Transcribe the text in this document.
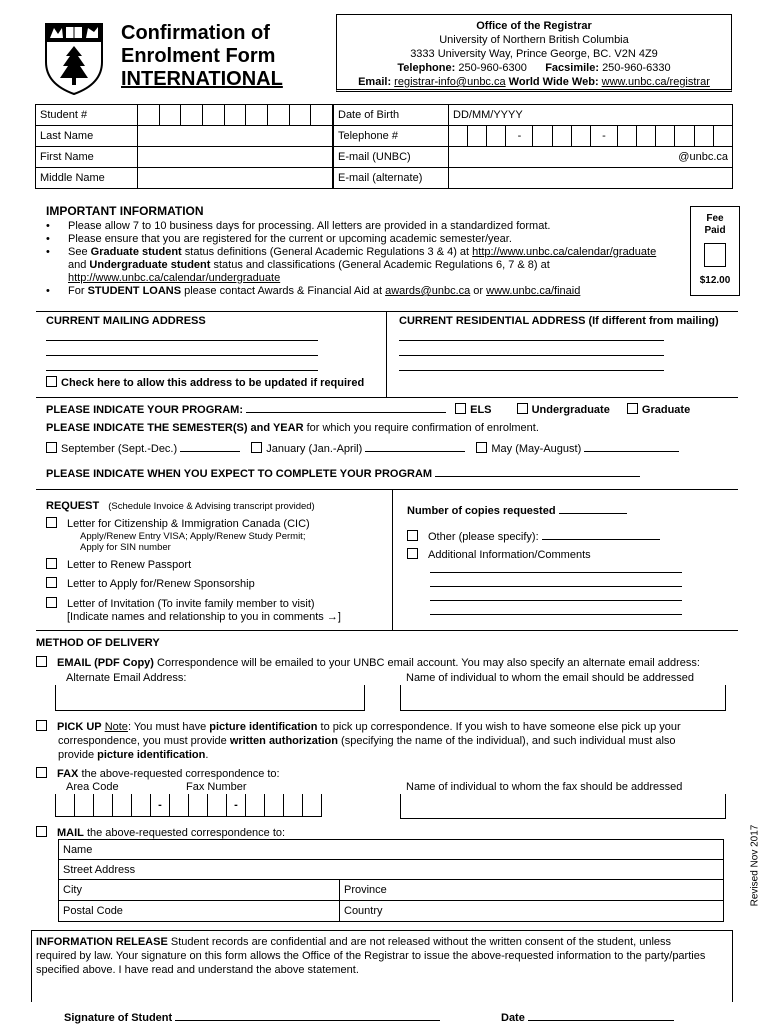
Confirmation of
Enrolment Form
INTERNATIONAL
Office of the Registrar
University of Northern British Columbia
3333 University Way, Prince George, BC. V2N 4Z9
Telephone: 250-960-6300 Facsimile: 250-960-6330
Email: registrar-info@unbc.ca World Wide Web: www.unbc.ca/registrar
Student #									
Last Name									
First Name									
Middle Name									
Date of Birth	DD/MM/YYYY													
Telephone #				-				-						
E-mail (UNBC)	@unbc.ca													
E-mail (alternate)														
IMPORTANT INFORMATION
• Please allow 7 to 10 business days for processing. All letters are provided in a standardized format.
• Please ensure that you are registered for the current or upcoming academic semester/year.
• See Graduate student status definitions (General Academic Regulations 3 & 4) at http://www.unbc.ca/calendar/graduate
and Undergraduate student status and classifications (General Academic Regulations 6, 7 & 8) at
http://www.unbc.ca/calendar/undergraduate
• For STUDENT LOANS please contact Awards & Financial Aid at awards@unbc.ca or www.unbc.ca/finaid
Fee
Paid
$12.00
CURRENT MAILING ADDRESS	CURRENT RESIDENTIAL ADDRESS (If different from mailing)
Check here to allow this address to be updated if required
PLEASE INDICATE YOUR PROGRAM:	ELS	Undergraduate	Graduate
PLEASE INDICATE THE SEMESTER(S) and YEAR for which you require confirmation of enrolment.
September (Sept.-Dec.)	January (Jan.-April)	May (May-August)
PLEASE INDICATE WHEN YOU EXPECT TO COMPLETE YOUR PROGRAM
REQUEST (Schedule Invoice & Advising transcript provided)
Letter for Citizenship & Immigration Canada (CIC)
Apply/Renew Entry VISA; Apply/Renew Study Permit;
Apply for SIN number
Letter to Renew Passport
Letter to Apply for/Renew Sponsorship
Letter of Invitation (To invite family member to visit)
[Indicate names and relationship to you in comments →]
Number of copies requested
Other (please specify):
Additional Information/Comments
METHOD OF DELIVERY
EMAIL (PDF Copy) Correspondence will be emailed to your UNBC email account. You may also specify an alternate email address:
Alternate Email Address:	Name of individual to whom the email should be addressed
PICK UP Note: You must have picture identification to pick up correspondence. If you wish to have someone else pick up your
correspondence, you must provide written authorization (specifying the name of the individual), and such individual must also
provide picture identification.
FAX the above-requested correspondence to:
Area Code	Fax Number	Name of individual to whom the fax should be addressed
					-				-				
MAIL the above-requested correspondence to:
Name	
Street Address	
City	Province
Postal Code	Country
Revised Nov 2017
INFORMATION RELEASE Student records are confidential and are not released without the written consent of the student, unless
required by law. Your signature on this form allows the Office of the Registrar to issue the above-requested information to the party/parties
specified above. I have read and understand the above statement.
Signature of Student	Date
